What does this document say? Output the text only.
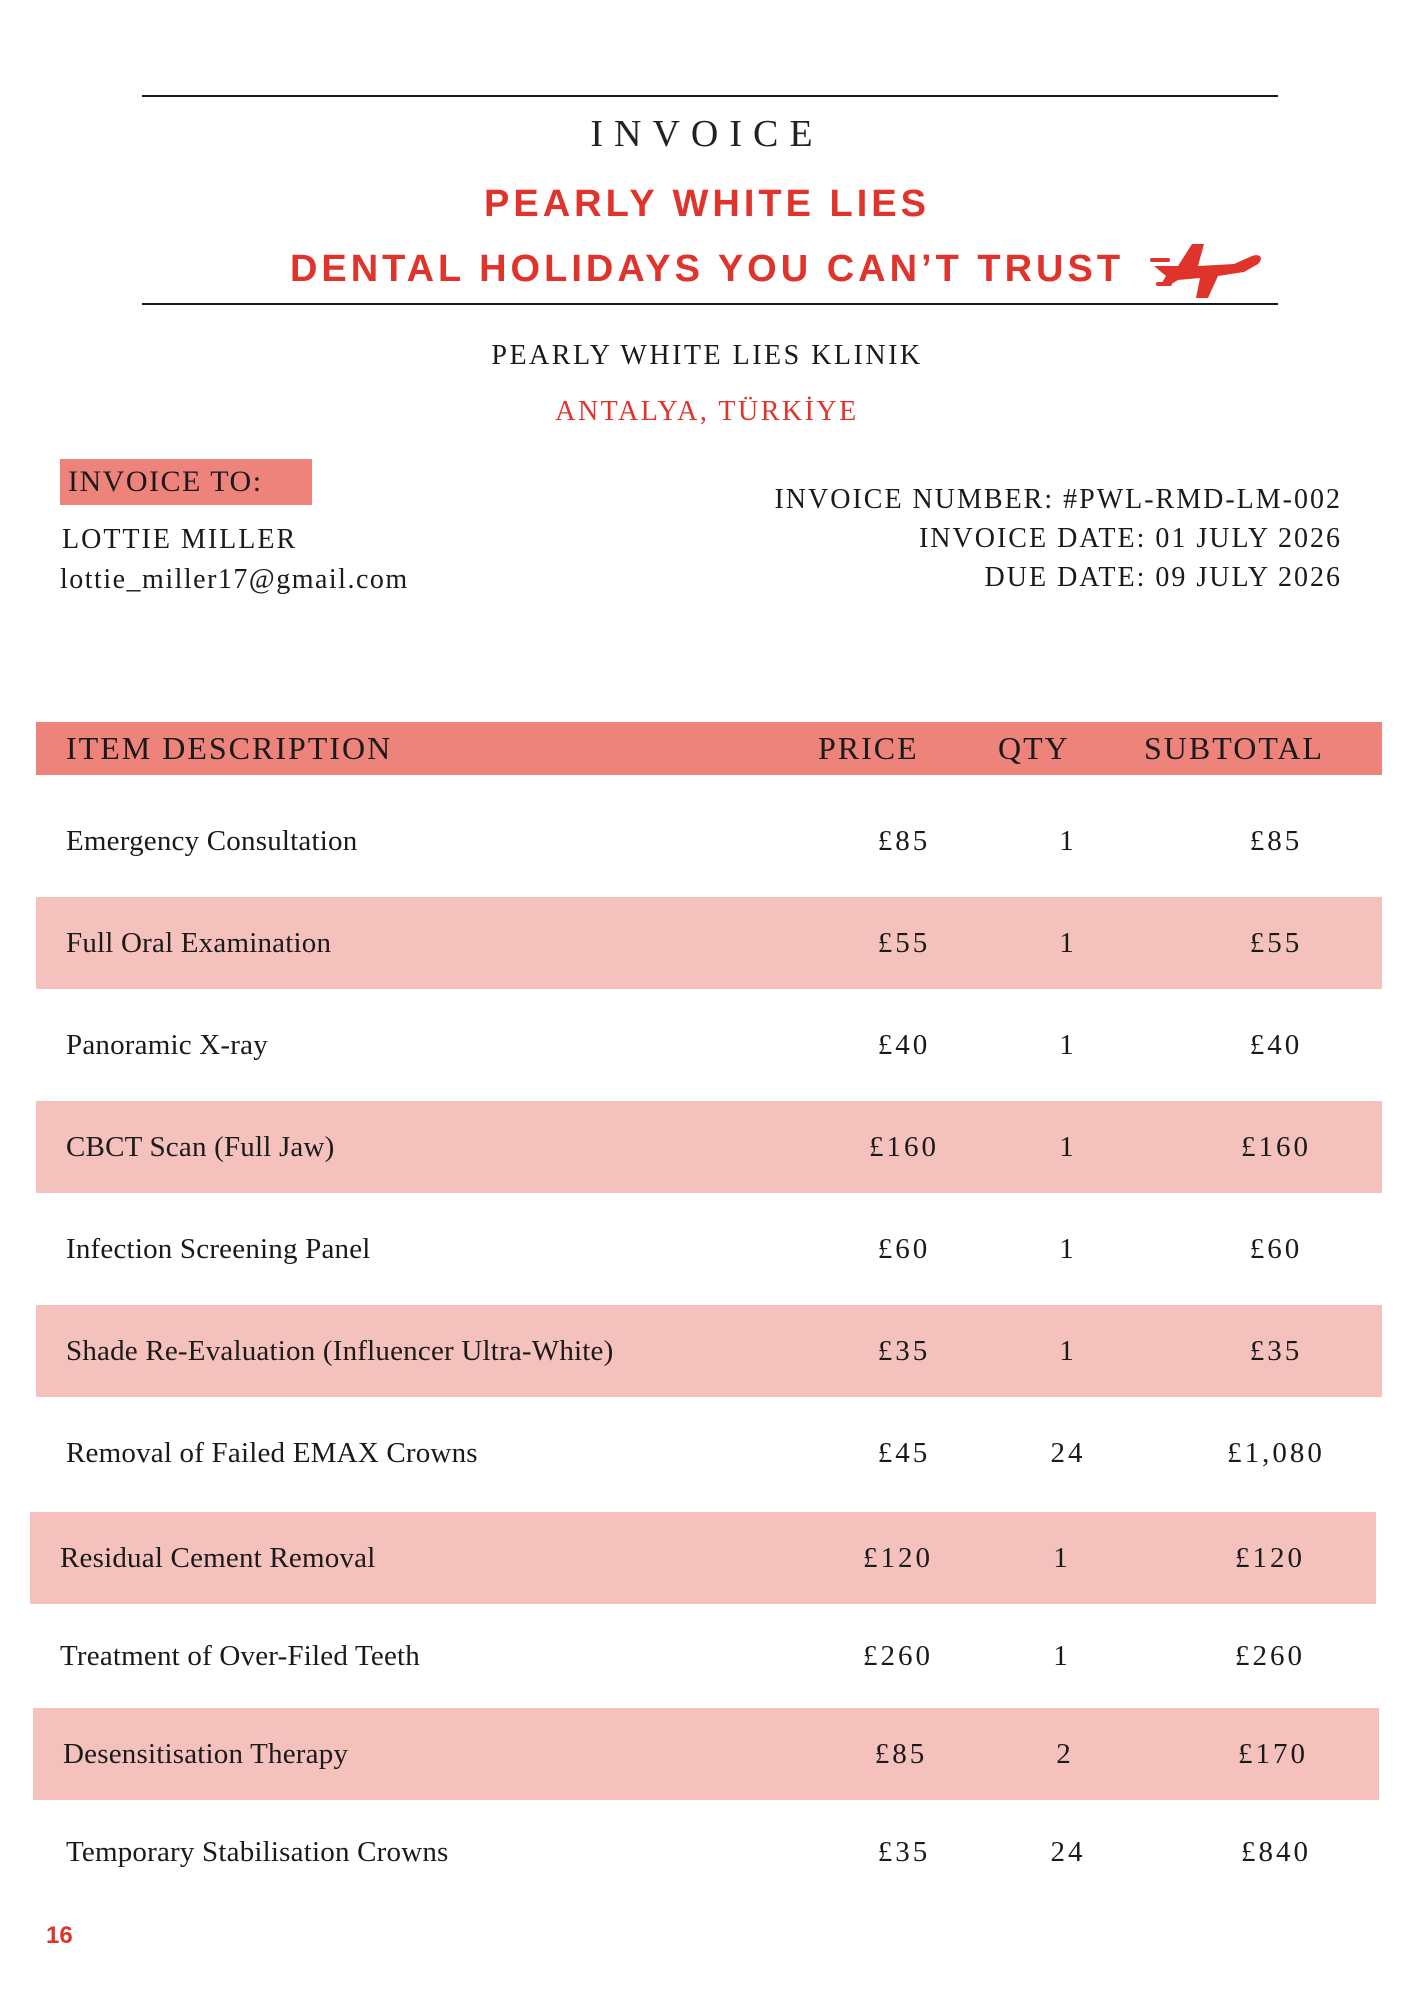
INVOICE
PEARLY WHITE LIES
DENTAL HOLIDAYS YOU CAN’T TRUST
PEARLY WHITE LIES KLINIK
ANTALYA, TÜRKİYE
INVOICE TO:
LOTTIE MILLER
lottie_miller17@gmail.com
INVOICE NUMBER: #PWL-RMD-LM-002
INVOICE DATE: 01 JULY 2026
DUE DATE: 09 JULY 2026
ITEM DESCRIPTION	PRICE QTY SUBTOTAL
Emergency Consultation	£85	1	£85
Full Oral Examination	£55	1	£55
Panoramic X-ray	£40	1	£40
CBCT Scan (Full Jaw)	£160	1	£160
Infection Screening Panel	£60	1	£60
Shade Re-Evaluation (Influencer Ultra-White)	£35	1	£35
Removal of Failed EMAX Crowns	£45	24	£1,080
Residual Cement Removal	£120	1	£120
Treatment of Over-Filed Teeth	£260	1	£260
Desensitisation Therapy	£85	2	£170
Temporary Stabilisation Crowns	£35	24	£840
16
